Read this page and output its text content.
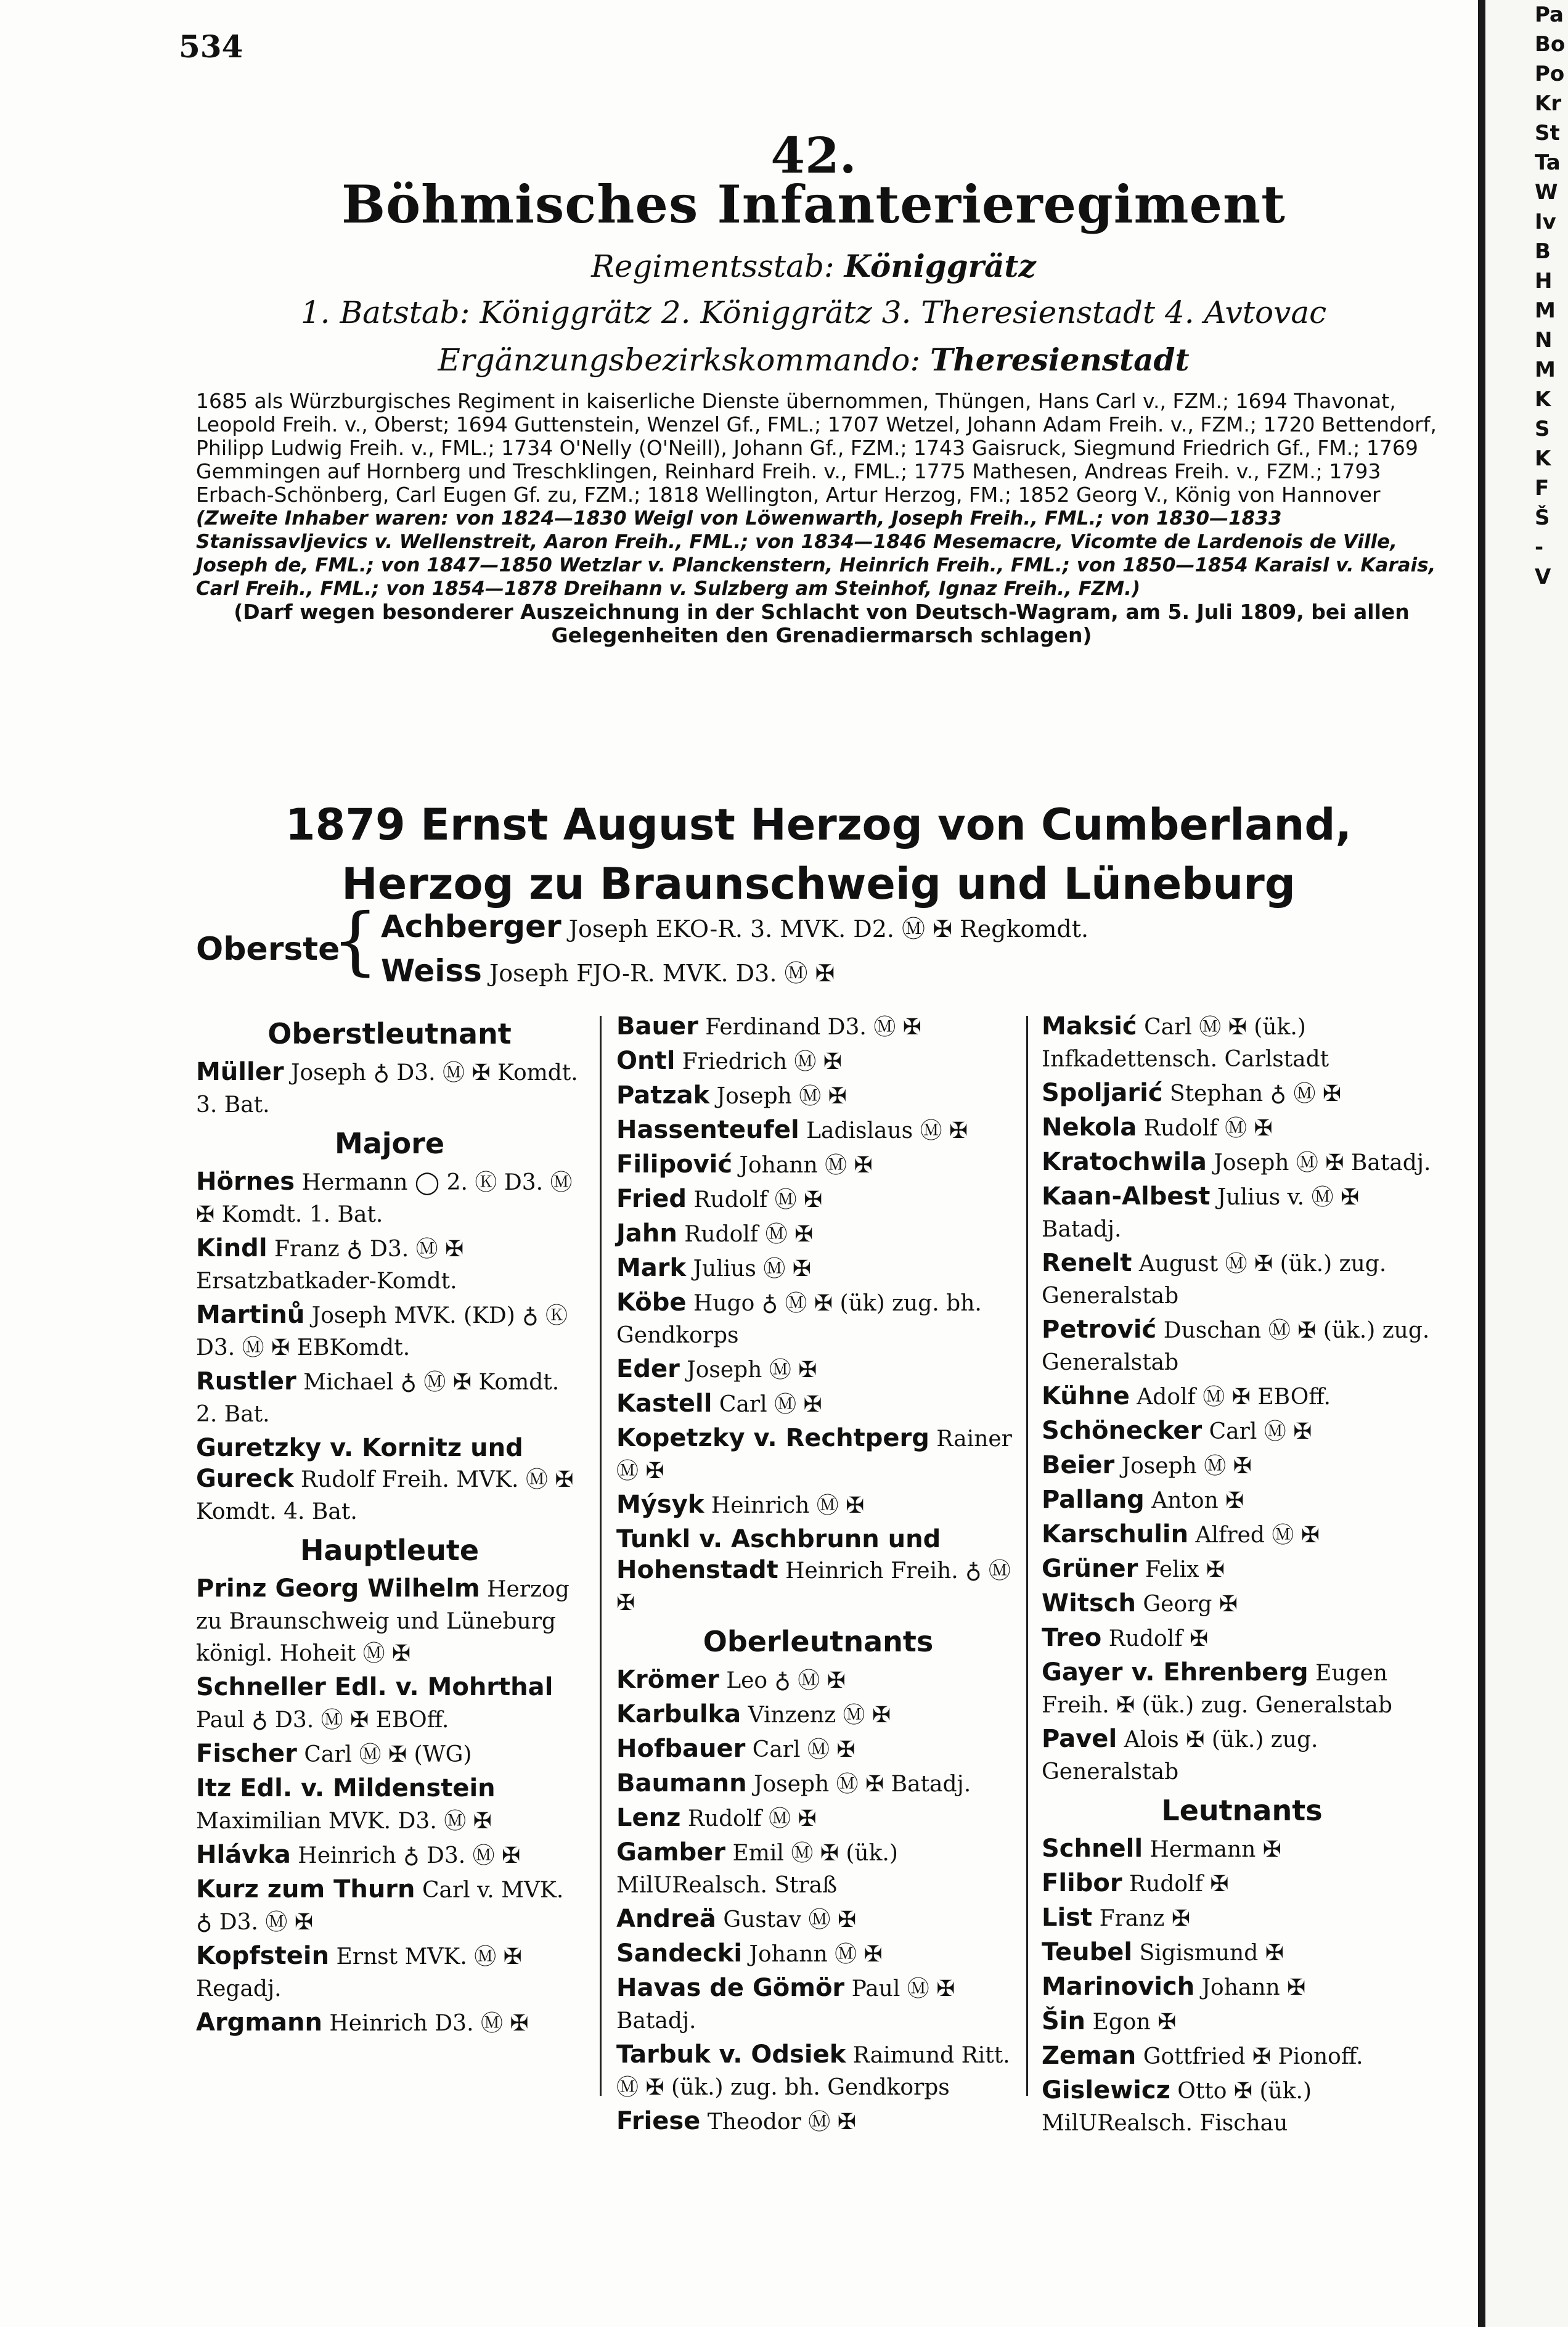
534
42.
Böhmisches Infanterieregiment
Regimentsstab: Königgrätz
1. Batstab: Königgrätz 2. Königgrätz 3. Theresienstadt 4. Avtovac
Ergänzungsbezirkskommando: Theresienstadt

1685 als Würzburgisches Regiment in kaiserliche Dienste übernommen, Thüngen, Hans Carl v., FZM.; 1694 Thavonat, Leopold Freih. v., Oberst; 1694 Guttenstein, Wenzel Gf., FML.; 1707 Wetzel, Johann Adam Freih. v., FZM.; 1720 Bettendorf, Philipp Ludwig Freih. v., FML.; 1734 O'Nelly (O'Neill), Johann Gf., FZM.; 1743 Gaisruck, Siegmund Friedrich Gf., FM.; 1769 Gemmingen auf Hornberg und Treschklingen, Reinhard Freih. v., FML.; 1775 Mathesen, Andreas Freih. v., FZM.; 1793 Erbach-Schönberg, Carl Eugen Gf. zu, FZM.; 1818 Wellington, Artur Herzog, FM.; 1852 Georg V., König von Hannover

(Zweite Inhaber waren: von 1824—1830 Weigl von Löwenwarth, Joseph Freih., FML.; von 1830—1833 Stanissavljevics v. Wellenstreit, Aaron Freih., FML.; von 1834—1846 Mesemacre, Vicomte de Lardenois de Ville, Joseph de, FML.; von 1847—1850 Wetzlar v. Planckenstern, Heinrich Freih., FML.; von 1850—1854 Karaisl v. Karais, Carl Freih., FML.; von 1854—1878 Dreihann v. Sulzberg am Steinhof, Ignaz Freih., FZM.)

(Darf wegen besonderer Auszeichnung in der Schlacht von Deutsch-Wagram, am 5. Juli 1809, bei allen Gelegenheiten den Grenadiermarsch schlagen)

1879 Ernst August Herzog von Cumberland, Herzog zu Braunschweig und Lüneburg
Oberste
{ Achberger Joseph EKO-R. 3. MVK. D2. Ⓜ ✠ Regkomdt.
Weiss Joseph FJO-R. MVK. D3. Ⓜ ✠
Oberstleutnant
Müller Joseph ♁ D3. Ⓜ ✠ Komdt. 3. Bat.
Majore
Hörnes Hermann ◯ 2. Ⓚ D3. Ⓜ ✠ Komdt. 1. Bat.
Kindl Franz ♁ D3. Ⓜ ✠ Ersatzbatkader-Komdt.
Martinů Joseph MVK. (KD) ♁ Ⓚ D3. Ⓜ ✠ EBKomdt.
Rustler Michael ♁ Ⓜ ✠ Komdt. 2. Bat.
Guretzky v. Kornitz und Gureck Rudolf Freih. MVK. Ⓜ ✠ Komdt. 4. Bat.
Hauptleute
Prinz Georg Wilhelm Herzog zu Braunschweig und Lüneburg königl. Hoheit Ⓜ ✠
Schneller Edl. v. Mohrthal Paul ♁ D3. Ⓜ ✠ EBOff.
Fischer Carl Ⓜ ✠ (WG)
Itz Edl. v. Mildenstein Maximilian MVK. D3. Ⓜ ✠
Hlávka Heinrich ♁ D3. Ⓜ ✠
Kurz zum Thurn Carl v. MVK. ♁ D3. Ⓜ ✠
Kopfstein Ernst MVK. Ⓜ ✠ Regadj.
Argmann Heinrich D3. Ⓜ ✠
Bauer Ferdinand D3. Ⓜ ✠
Ontl Friedrich Ⓜ ✠
Patzak Joseph Ⓜ ✠
Hassenteufel Ladislaus Ⓜ ✠
Filipović Johann Ⓜ ✠
Fried Rudolf Ⓜ ✠
Jahn Rudolf Ⓜ ✠
Mark Julius Ⓜ ✠
Köbe Hugo ♁ Ⓜ ✠ (ük) zug. bh. Gendkorps
Eder Joseph Ⓜ ✠
Kastell Carl Ⓜ ✠
Kopetzky v. Rechtperg Rainer Ⓜ ✠
Mýsyk Heinrich Ⓜ ✠
Tunkl v. Aschbrunn und Hohenstadt Heinrich Freih. ♁ Ⓜ ✠
Oberleutnants
Krömer Leo ♁ Ⓜ ✠
Karbulka Vinzenz Ⓜ ✠
Hofbauer Carl Ⓜ ✠
Baumann Joseph Ⓜ ✠ Batadj.
Lenz Rudolf Ⓜ ✠
Gamber Emil Ⓜ ✠ (ük.) MilURealsch. Straß
Andreä Gustav Ⓜ ✠
Sandecki Johann Ⓜ ✠
Havas de Gömör Paul Ⓜ ✠ Batadj.
Tarbuk v. Odsiek Raimund Ritt. Ⓜ ✠ (ük.) zug. bh. Gendkorps
Friese Theodor Ⓜ ✠
Maksić Carl Ⓜ ✠ (ük.) Infkadettensch. Carlstadt
Spoljarić Stephan ♁ Ⓜ ✠
Nekola Rudolf Ⓜ ✠
Kratochwila Joseph Ⓜ ✠ Batadj.
Kaan-Albest Julius v. Ⓜ ✠ Batadj.
Renelt August Ⓜ ✠ (ük.) zug. Generalstab
Petrović Duschan Ⓜ ✠ (ük.) zug. Generalstab
Kühne Adolf Ⓜ ✠ EBOff.
Schönecker Carl Ⓜ ✠
Beier Joseph Ⓜ ✠
Pallang Anton ✠
Karschulin Alfred Ⓜ ✠
Grüner Felix ✠
Witsch Georg ✠
Treo Rudolf ✠
Gayer v. Ehrenberg Eugen Freih. ✠ (ük.) zug. Generalstab
Pavel Alois ✠ (ük.) zug. Generalstab
Leutnants
Schnell Hermann ✠
Flibor Rudolf ✠
List Franz ✠
Teubel Sigismund ✠
Marinovich Johann ✠
Šin Egon ✠
Zeman Gottfried ✠ Pionoff.
Gislewicz Otto ✠ (ük.) MilURealsch. Fischau
Pa
Bo
Po
Kr
St
Ta
W
Iv
B
H
M
N
M
K
S
K
F
Š
-
V
